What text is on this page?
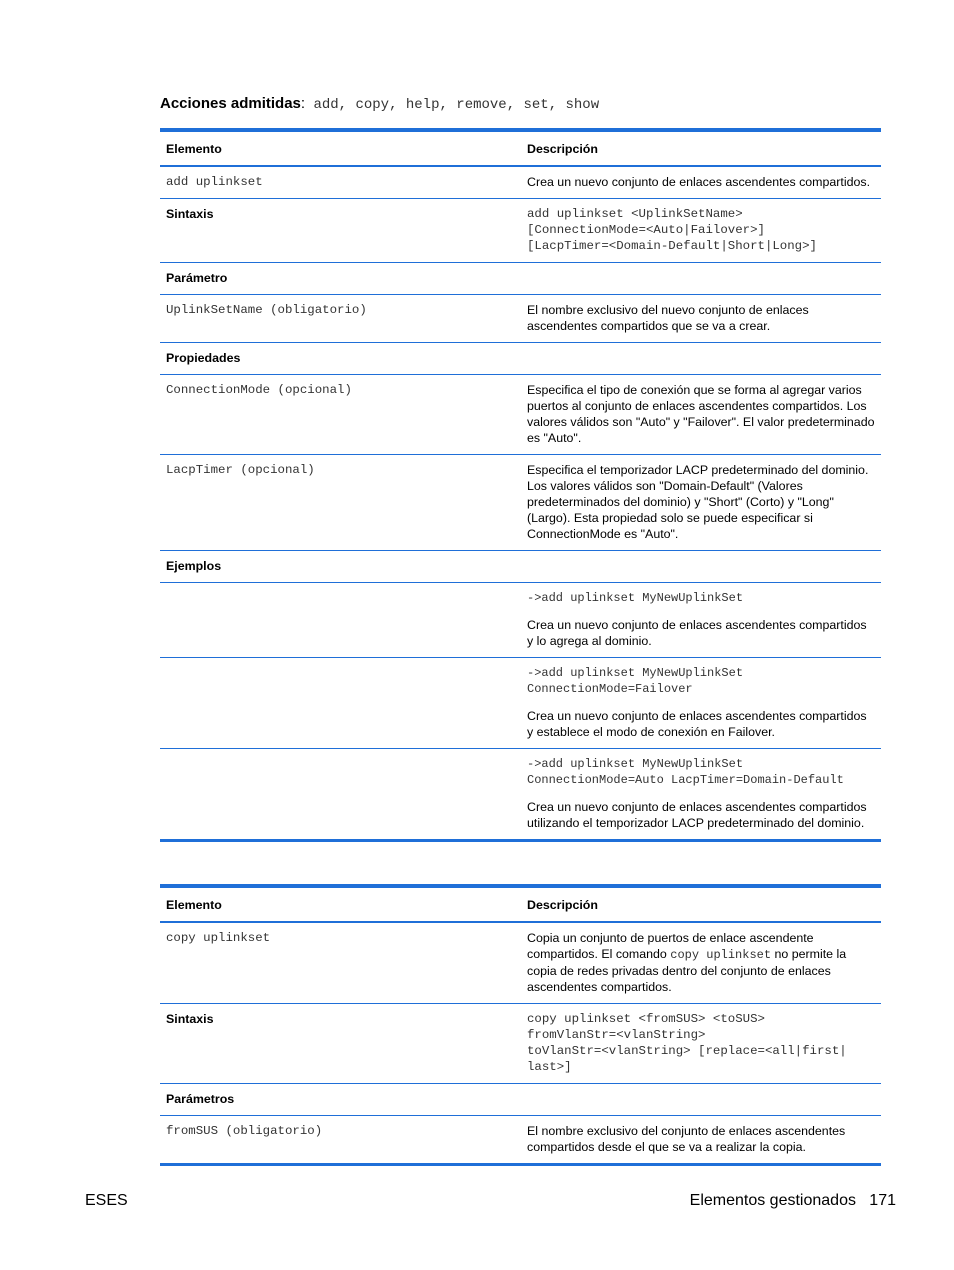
Acciones admitidas: add, copy, help, remove, set, show
Elemento	Descripción
add uplinkset	Crea un nuevo conjunto de enlaces ascendentes compartidos.
Sintaxis	add uplinkset <UplinkSetName>
[ConnectionMode=<Auto|Failover>]
[LacpTimer=<Domain-Default|Short|Long>]
Parámetro	
UplinkSetName (obligatorio)	El nombre exclusivo del nuevo conjunto de enlaces ascendentes compartidos que se va a crear.
Propiedades	
ConnectionMode (opcional)	Especifica el tipo de conexión que se forma al agregar varios puertos al conjunto de enlaces ascendentes compartidos. Los valores válidos son "Auto" y "Failover". El valor predeterminado es "Auto".
LacpTimer (opcional)	Especifica el temporizador LACP predeterminado del dominio. Los valores válidos son "Domain-Default" (Valores predeterminados del dominio) y "Short" (Corto) y "Long" (Largo). Esta propiedad solo se puede especificar si ConnectionMode es "Auto".
Ejemplos	

	->add uplinkset MyNewUplinkSet
Crea un nuevo conjunto de enlaces ascendentes compartidos y lo agrega al dominio.

	->add uplinkset MyNewUplinkSet
ConnectionMode=Failover
Crea un nuevo conjunto de enlaces ascendentes compartidos y establece el modo de conexión en Failover.

	->add uplinkset MyNewUplinkSet
ConnectionMode=Auto LacpTimer=Domain-Default
Crea un nuevo conjunto de enlaces ascendentes compartidos utilizando el temporizador LACP predeterminado del dominio.
Elemento	Descripción
copy uplinkset	Copia un conjunto de puertos de enlace ascendente compartidos. El comando copy uplinkset no permite la copia de redes privadas dentro del conjunto de enlaces ascendentes compartidos.
Sintaxis	copy uplinkset <fromSUS> <toSUS>
fromVlanStr=<vlanString>
toVlanStr=<vlanString> [replace=<all|first|
last>]
Parámetros	
fromSUS (obligatorio)	El nombre exclusivo del conjunto de enlaces ascendentes compartidos desde el que se va a realizar la copia.
ESES	Elementos gestionados   171
